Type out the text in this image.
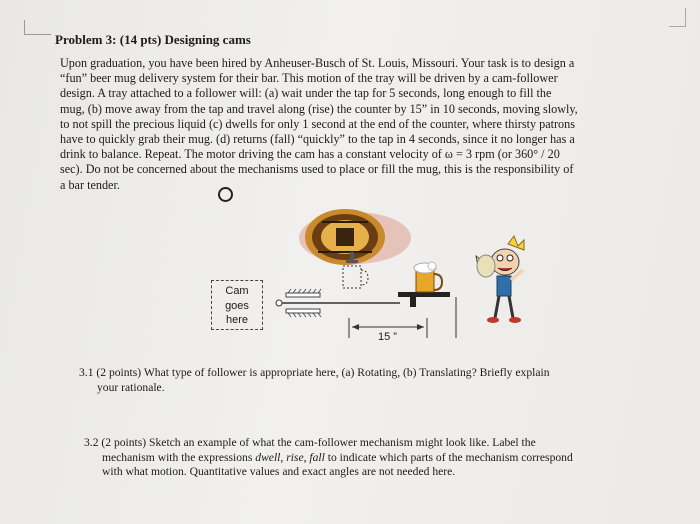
Problem 3: (14 pts) Designing cams
Upon graduation, you have been hired by Anheuser-Busch of St. Louis, Missouri. Your task is to design a
“fun” beer mug delivery system for their bar. This motion of the tray will be driven by a cam-follower
design. A tray attached to a follower will: (a) wait under the tap for 5 seconds, long enough to fill the
mug, (b) move away from the tap and travel along (rise) the counter by 15” in 10 seconds, moving slowly,
to not spill the precious liquid (c) dwells for only 1 second at the end of the counter, where thirsty patrons
have to quickly grab their mug. (d) returns (fall) “quickly” to the tap in 4 seconds, since it no longer has a
drink to balance. Repeat. The motor driving the cam has a constant velocity of ω = 3 rpm (or 360° / 20
sec). Do not be concerned about the mechanisms used to place or fill the mug, this is the responsibility of
a bar tender.
15 ”
Cam
goes
here
3.1 (2 points) What type of follower is appropriate here, (a) Rotating, (b) Translating? Briefly explain
your rationale.
3.2 (2 points) Sketch an example of what the cam-follower mechanism might look like. Label the
mechanism with the expressions dwell, rise, fall to indicate which parts of the mechanism correspond
with what motion. Quantitative values and exact angles are not needed here.
